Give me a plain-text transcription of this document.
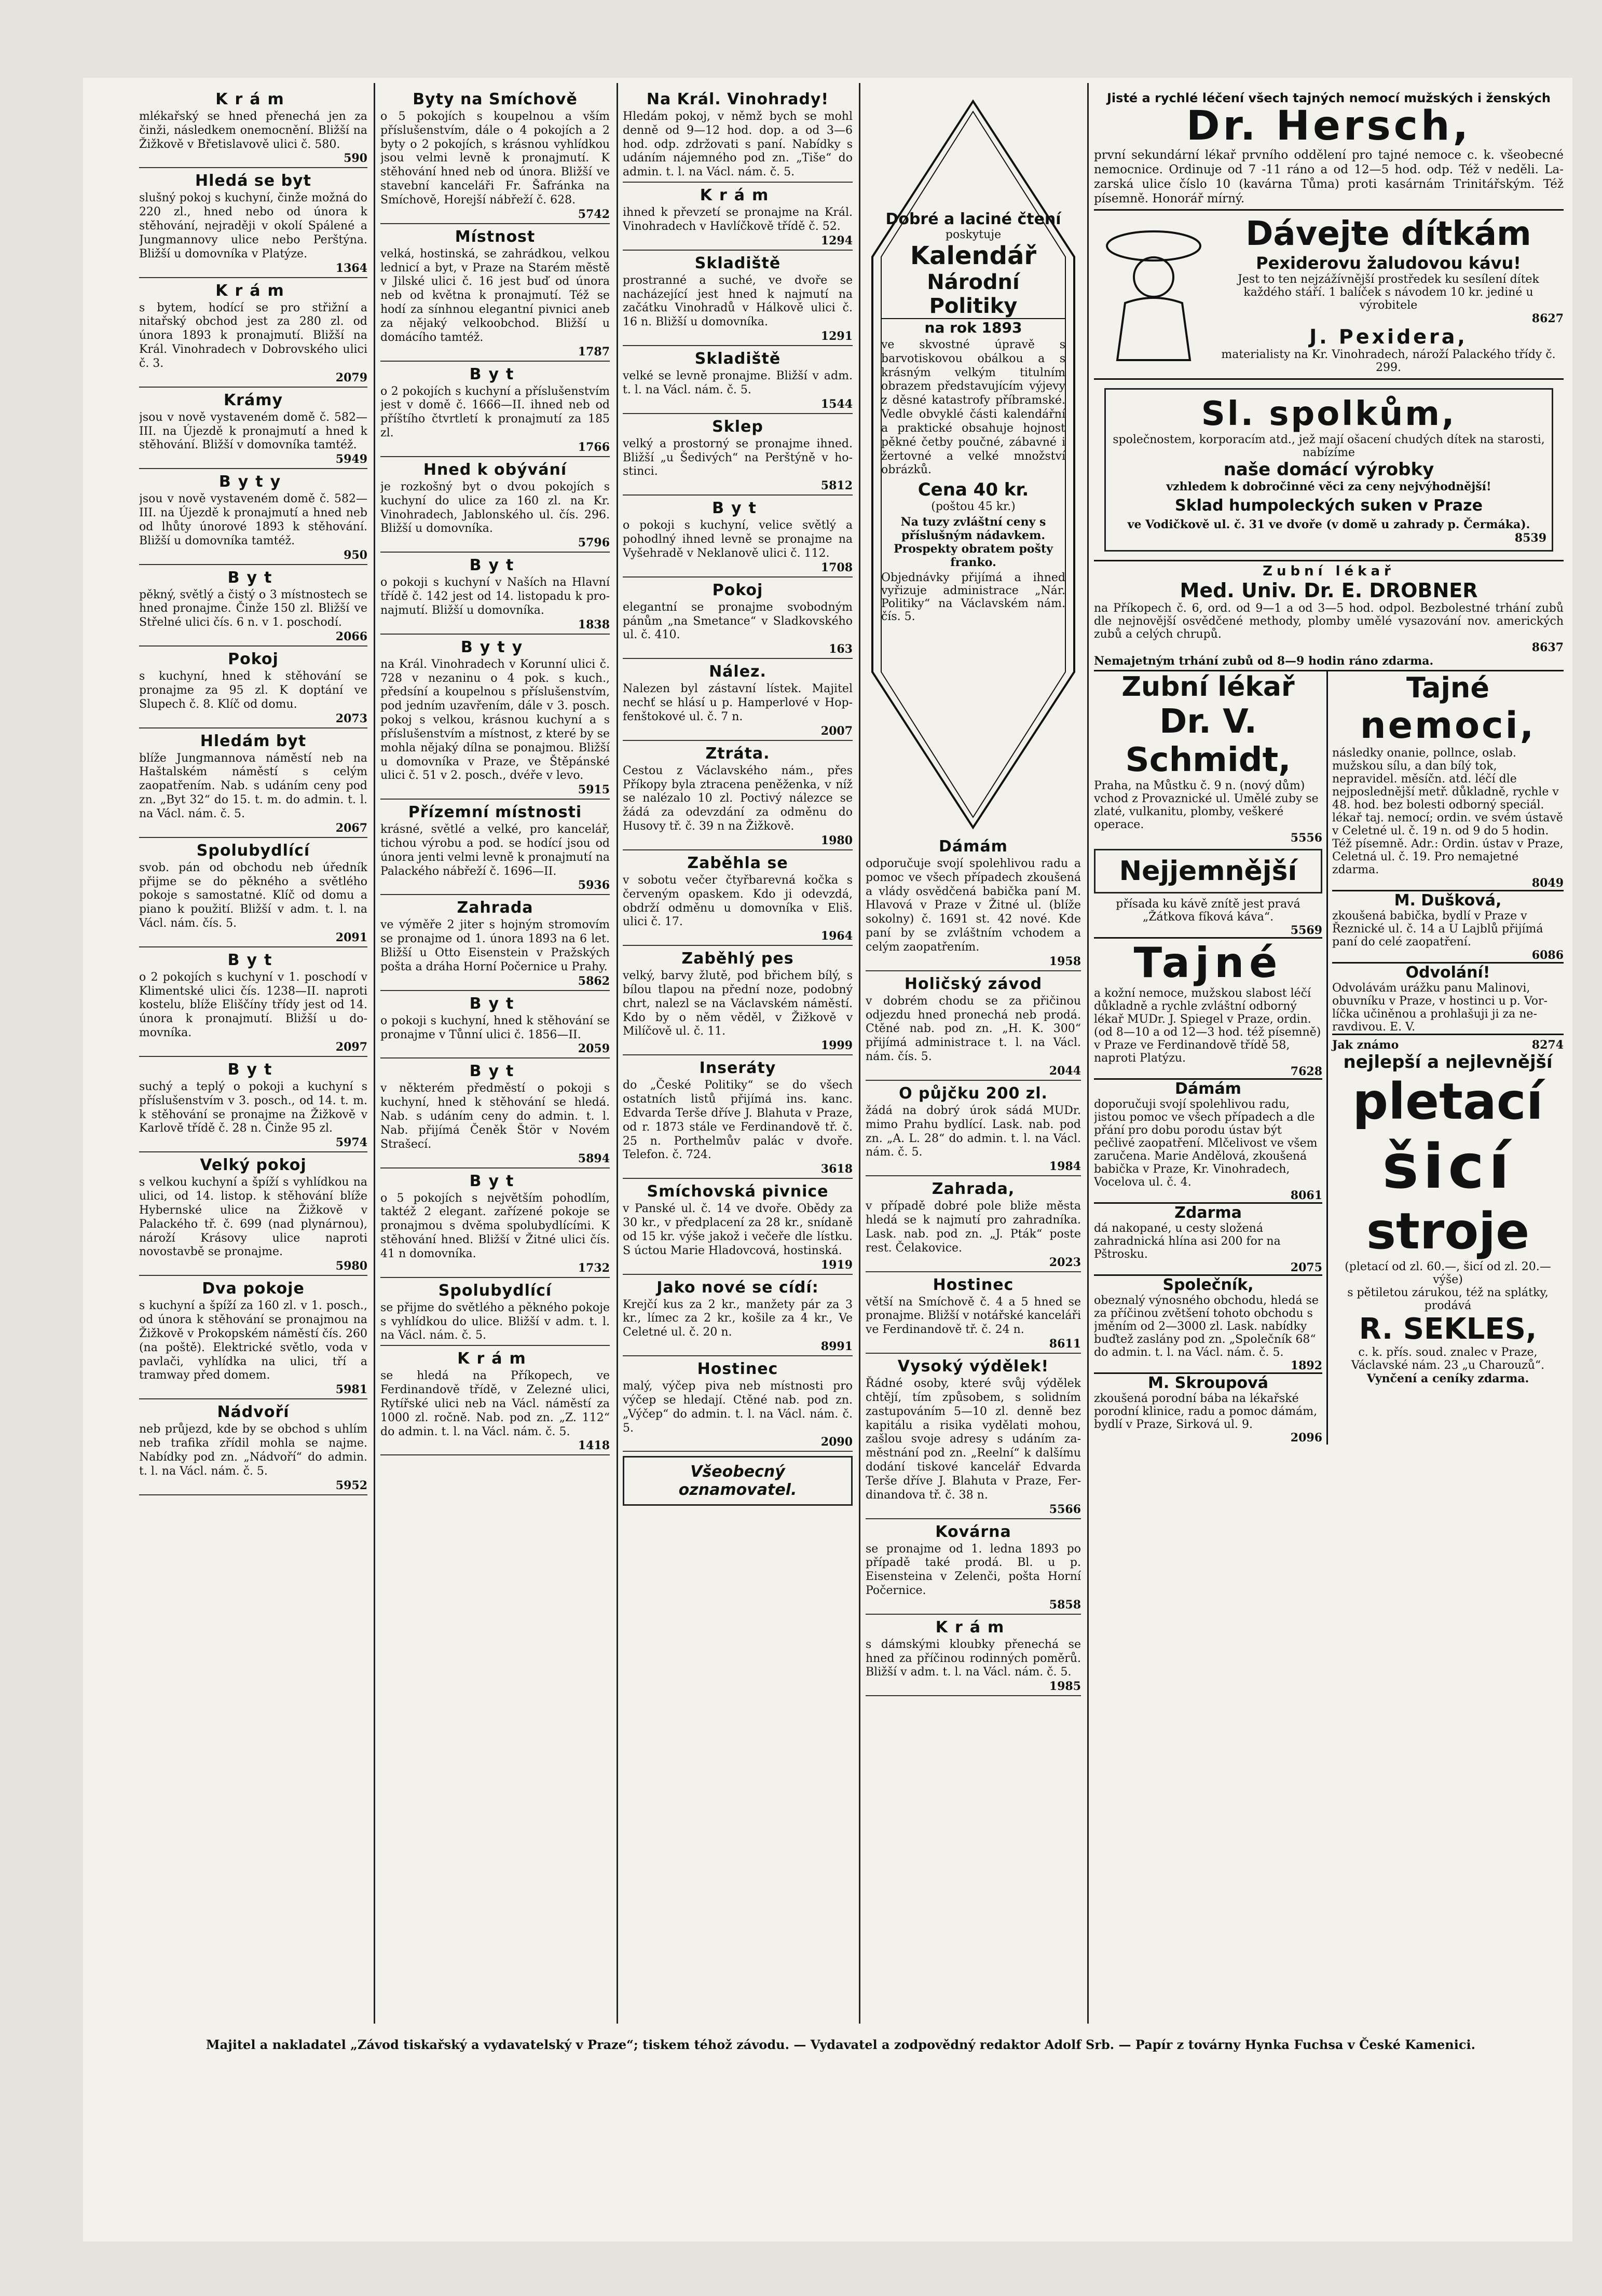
Krám

mlékařský se hned přenechá jen za činži, následkem onemocnění. Bližší na Žižkově v Břetislavově ulici č. 580.

590
Hledá se byt

slušný pokoj s kuchyní, činže možná do 220 zl., hned nebo od února k stěhování, nejraději v okolí Spálené a Jungmannovy ulice nebo Perštýna. Bližší u domovníka v Platýze.

1364
Krám

s bytem, hodící se pro střižní a nitařský obchod jest za 280 zl. od února 1893 k pronajmutí. Bližší na Král. Vinohradech v Dobrovského ulici č. 3.

2079
Krámy

jsou v nově vystaveném domě č. 582—III. na Újezdě k pronajmutí a hned k stěhování. Bližší v domovníka tamtéž.

5949
Byty

jsou v nově vystaveném domě č. 582—III. na Újezdě k pronajmutí a hned neb od lhůty únorové 1893 k stěhování. Bližší u domovníka tamtéž.

950
Byt

pěkný, světlý a čistý o 3 místnostech se hned pronajme. Činže 150 zl. Bližší ve Střelné ulici čís. 6 n. v 1. poschodí.

2066
Pokoj

s kuchyní, hned k stěhování se pronajme za 95 zl. K doptání ve Slupech č. 8. Klíč od domu.

2073
Hledám byt

blíže Jungmannova náměstí neb na Haštalském náměstí s celým zaopatřením. Nab. s udáním ceny pod zn. „Byt 32“ do 15. t. m. do admin. t. l. na Václ. nám. č. 5.

2067
Spolubydlící

svob. pán od obchodu neb úředník přijme se do pěkného a světlého pokoje s samostatné. Klíč od domu a piano k použití. Bližší v adm. t. l. na Václ. nám. čís. 5.

2091
Byt

o 2 pokojích s kuchyní v 1. poschodí v Klimentské ulici čís. 1238—II. naproti kostelu, blíže Eliščíny třídy jest od 14. února k pronajmutí. Bližší u domovníka.

2097
Byt

suchý a teplý o pokoji a kuchyní s příslušenstvím v 3. posch., od 14. t. m. k stěhování se pronajme na Žižkově v Karlově třídě č. 28 n. Činže 95 zl.

5974
Velký pokoj

s velkou kuchyní a špíží s vyhlídkou na ulici, od 14. listop. k stěhování blíže Hybernské ulice na Žižkově v Palackého tř. č. 699 (nad plynárnou), nároží Krásovy ulice naproti novostavbě se pronajme.

5980
Dva pokoje

s kuchyní a špíží za 160 zl. v 1. posch., od února k stěhování se pronajmou na Žižkově v Prokopském náměstí čís. 260 (na poště). Elektrické světlo, voda v pavlači, vyhlídka na ulici, tří a tramway před domem.

5981
Nádvoří

neb průjezd, kde by se obchod s uhlím neb trafika zřídil mohla se najme. Nabídky pod zn. „Nádvoří“ do admin. t. l. na Václ. nám. č. 5.

5952
Byty na Smíchově

o 5 pokojích s koupelnou a vším příslušenstvím, dále o 4 pokojích a 2 byty o 2 pokojích, s krásnou vyhlídkou jsou velmi levně k pronajmutí. K stěhování hned neb od února. Bližší ve stavební kanceláři Fr. Šafránka na Smíchově, Horejší nábřeží č. 628.

5742
Místnost

velká, hostinská, se zahrádkou, velkou lednicí a byt, v Praze na Starém městě v Jilské ulici č. 16 jest buď od února neb od května k pronajmutí. Též se hodí za sínhnou elegantní pivnici aneb za nějaký velkoobchod. Bližší u domácího tamtéž.

1787
Byt

o 2 pokojích s kuchyní a příslušenstvím jest v domě č. 1666—II. ihned neb od příštího čtvrtletí k pronajmutí za 185 zl.

1766
Hned k obývání

je rozkošný byt o dvou pokojích s kuchyní do ulice za 160 zl. na Kr. Vinohradech, Jablonského ul. čís. 296. Bližší u domovníka.

5796
Byt

o pokoji s kuchyní v Naších na Hlavní třídě č. 142 jest od 14. listopadu k pronajmutí. Bližší u domovníka.

1838
Byty

na Král. Vinohradech v Korunní ulici č. 728 v nezaninu o 4 pok. s kuch., předsíní a koupelnou s příslušenstvím, pod jedním uzavřením, dále v 3. posch. pokoj s velkou, krásnou kuchyní a s příslušenstvím a místnost, z které by se mohla nějaký dílna se ponajmou. Bližší u domovníka v Praze, ve Štěpánské ulici č. 51 v 2. posch., dvéře v levo.

5915
Přízemní místnosti

krásné, světlé a velké, pro kancelář, tichou výrobu a pod. se hodící jsou od února jenti velmi levně k pronajmutí na Palackého nábřeží č. 1696—II.

5936
Zahrada

ve výměře 2 jiter s hojným stromovím se pronajme od 1. února 1893 na 6 let. Bližší u Otto Eisenstein v Pražských pošta a dráha Horní Počernice u Prahy.

5862
Byt

o pokoji s kuchyní, hned k stěhování se pronajme v Tůnní ulici č. 1856—II.

2059
Byt

v některém předměstí o pokoji s kuchyní, hned k stěhování se hledá. Nab. s udáním ceny do admin. t. l. Nab. přijímá Čeněk Štör v Novém Strašecí.

5894
Byt

o 5 pokojích s největším pohodlím, taktéž 2 elegant. zařízené pokoje se pronajmou s dvěma spolubydlícími. K stěhování hned. Bližší v Žitné ulici čís. 41 n domovníka.

1732
Spolubydlící

se přijme do světlého a pěkného pokoje s vyhlídkou do ulice. Bližší v adm. t. l. na Václ. nám. č. 5.

Krám

se hledá na Příkopech, ve Ferdinandově třídě, v Zelezné ulici, Rytířské ulici neb na Václ. náměstí za 1000 zl. ročně. Nab. pod zn. „Z. 112“ do admin. t. l. na Václ. nám. č. 5.

1418
Na Král. Vinohrady!

Hledám pokoj, v němž bych se mohl denně od 9—12 hod. dop. a od 3—6 hod. odp. zdržovati s paní. Nabídky s udáním nájemného pod zn. „Tiše“ do admin. t. l. na Václ. nám. č. 5.

Krám

ihned k převzetí se pronajme na Král. Vinohradech v Havlíčkově třídě č. 52.

1294
Skladiště

prostranné a suché, ve dvoře se nacházející jest hned k najmutí na začátku Vinohradů v Hálkově ulici č. 16 n. Bližší u domovníka.

1291
Skladiště

velké se levně pronajme. Bližší v adm. t. l. na Václ. nám. č. 5.

1544
Sklep

velký a prostorný se pronajme ihned. Bližší „u Šedivých“ na Perštýně v hostinci.

5812
Byt

o pokoji s kuchyní, velice světlý a pohodlný ihned levně se pronajme na Vyšehradě v Neklanově ulici č. 112.

1708
Pokoj

elegantní se pronajme svobodným pánům „na Smetance“ v Sladkovského ul. č. 410.

163
Nález.

Nalezen byl zástavní lístek. Majitel nechť se hlásí u p. Hamperlové v Hopfenštokové ul. č. 7 n.

2007
Ztráta.

Cestou z Václavského nám., přes Příkopy byla ztracena peněženka, v níž se nalézalo 10 zl. Poctivý nálezce se žádá za odevzdání za odměnu do Husovy tř. č. 39 n na Žižkově.

1980
Zaběhla se

v sobotu večer čtyřbarevná kočka s červeným opaskem. Kdo ji odevzdá, obdrží odměnu u domovníka v Eliš. ulici č. 17.

1964
Zaběhlý pes

velký, barvy žlutě, pod břichem bílý, s bílou tlapou na přední noze, podobný chrt, nalezl se na Václavském náměstí. Kdo by o něm věděl, v Žižkově v Milíčově ul. č. 11.

1999
Inseráty

do „České Politiky“ se do všech ostatních listů přijímá ins. kanc. Edvarda Terše dříve J. Blahuta v Praze, od r. 1873 stále ve Ferdinandově tř. č. 25 n. Porthelmův palác v dvoře. Telefon. č. 724.

3618
Smíchovská pivnice

v Panské ul. č. 14 ve dvoře. Obědy za 30 kr., v předplacení za 28 kr., snídaně od 15 kr. výše jakož i večeře dle lístku. S úctou Marie Hladovcová, hostinská.

1919
Jako nové se cídí:

Krejčí kus za 2 kr., manžety pár za 3 kr., límec za 2 kr., košile za 4 kr., Ve Celetné ul. č. 20 n.

8991
Hostinec

malý, výčep piva neb místnosti pro výčep se hledají. Ctěné nab. pod zn. „Výčep“ do admin. t. l. na Václ. nám. č. 5.

2090
Všeobecný
oznamovatel.
Dobré a laciné čtení
poskytuje
Kalendář
Národní Politiky
na rok 1893

ve skvostné úpravě s barvotiskovou obálkou a s krásným velkým titulním obrazem představujícím výjevy z děsné katastrofy příbramské. Vedle obvyklé části kalendářní a praktické obsahuje hojnost pěkné četby poučné, zábavné i žertovné a velké množství obrázků.

Cena 40 kr.
(poštou 45 kr.)

Na tuzy zvláštní ceny s příslušným nádavkem. Prospekty obratem pošty franko.

Objednávky přijímá a ihned vyřizuje administrace „Nár. Politiky“ na Václavském nám. čís. 5.

Dámám

odporučuje svojí spolehlivou radu a pomoc ve všech případech zkoušená a vlády osvědčená babička paní M. Hlavová v Praze v Žitné ul. (blíže sokolny) č. 1691 st. 42 nové. Kde paní by se zvláštním vchodem a celým zaopatřením.

1958
Holičský závod

v dobrém chodu se za přičinou odjezdu hned pronechá neb prodá. Ctěné nab. pod zn. „H. K. 300“ přijímá administrace t. l. na Václ. nám. čís. 5.

2044
O půjčku 200 zl.

žádá na dobrý úrok sádá MUDr. mimo Prahu bydlící. Lask. nab. pod zn. „A. L. 28“ do admin. t. l. na Václ. nám. č. 5.

1984
Zahrada,

v případě dobré pole bliže města hledá se k najmutí pro zahradníka. Lask. nab. pod zn. „J. Pták“ poste rest. Čelakovice.

2023
Hostinec

větší na Smíchově č. 4 a 5 hned se pronajme. Bližší v notářské kanceláři ve Ferdinandově tř. č. 24 n.

8611
Vysoký výdělek!

Řádné osoby, které svůj výdělek chtějí, tím způsobem, s solidním zastupováním 5—10 zl. denně bez kapitálu a risika vydělati mohou, zašlou svoje adresy s udáním zaměstnání pod zn. „Reelní“ k dalšímu dodání tiskové kancelář Edvarda Terše dříve J. Blahuta v Praze, Ferdinandova tř. č. 38 n.

5566
Kovárna

se pronajme od 1. ledna 1893 po případě také prodá. Bl. u p. Eisensteina v Zelenči, pošta Horní Počernice.

5858
Krám

s dámskými kloubky přenechá se hned za příčinou rodinných poměrů. Bližší v adm. t. l. na Václ. nám. č. 5.

1985
Jisté a rychlé léčení všech tajných nemocí mužských i ženských
Dr. Hersch,

první sekundární lékař prvního oddělení pro tajné nemoce c. k. všeobecné nemocnice. Ordinuje od 7 -11 ráno a od 12—5 hod. odp. Též v neděli. Lazarská ulice číslo 10 (kavárna Tůma) proti kasárnám Trinitářským. Též písemně. Honorář mírný.

Dávejte dítkám
Pexiderovu žaludovou kávu!

Jest to ten nejzážívnější prostředek ku sesílení dítek každého stáří. 1 balíček s návodem 10 kr. jediné u výrobitele

8627
J. Pexidera,

materialisty na Kr. Vinohradech, nároží Palackého třídy č. 299.

Sl. spolkům,

společnostem, korporacím atd., jež mají ošacení chudých dítek na starosti, nabízíme

naše domácí výrobky

vzhledem k dobročinné věci za ceny nejvýhodnější!

Sklad humpoleckých suken v Praze

ve Vodičkově ul. č. 31 ve dvoře (v domě u zahrady p. Čermáka).

8539
Zubní lékař
Med. Univ. Dr. E. DROBNER

na Příkopech č. 6, ord. od 9—1 a od 3—5 hod. odpol. Bezbolestné trhání zubů dle nejnovější osvědčené methody, plomby umělé vysazování nov. amerických zubů a celých chrupů.

8637

Nemajetným trhání zubů od 8—9 hodin ráno zdarma.

Zubní lékař
Dr. V. Schmidt,

Praha, na Můstku č. 9 n. (nový dům) vchod z Provaznické ul. Umělé zuby se zlaté, vulkanitu, plomby, veškeré operace.

5556
Nejjemnější

přísada ku kávě znítě jest pravá „Žátkova fíková káva“.

5569
Tajné

a kožní nemoce, mužskou slabost léčí důkladně a rychle zvláštní odborný lékař MUDr. J. Spiegel v Praze, ordin. (od 8—10 a od 12—3 hod. též písemně) v Praze ve Ferdinandově třídě 58, naproti Platýzu.

7628
Dámám

doporučuji svojí spolehlivou radu, jistou pomoc ve všech případech a dle přání pro dobu porodu ústav být pečlivé zaopatření. Mlčelivost ve všem zaručena. Marie Andělová, zkoušená babička v Praze, Kr. Vinohradech, Vocelova ul. č. 4.

8061
Zdarma

dá nakopané, u cesty složená zahradnická hlína asi 200 for na Pštrosku.

2075
Společník,

obeznalý výnosného obchodu, hledá se za příčinou zvětšení tohoto obchodu s jměním od 2—3000 zl. Lask. nabídky buďtež zaslány pod zn. „Společník 68“ do admin. t. l. na Václ. nám. č. 5.

1892
M. Skroupová

zkoušená porodní bába na lékařské porodní klinice, radu a pomoc dámám, bydlí v Praze, Sirková ul. 9.

2096
Tajné
nemoci,

následky onanie, pollnce, oslab. mužskou sílu, a dan bílý tok, nepravidel. měsíčn. atd. léčí dle nejposlednější metř. důkladně, rychle v 48. hod. bez bolesti odborný speciál. lékař taj. nemocí; ordin. ve svém ústavě v Celetné ul. č. 19 n. od 9 do 5 hodin. Též písemně. Adr.: Ordin. ústav v Praze, Celetná ul. č. 19. Pro nemajetné zdarma.

8049
M. Dušková,

zkoušená babička, bydlí v Praze v Řeznické ul. č. 14 a U Lajblů přijímá paní do celé zaopatření.

6086
Odvolání!

Odvolávám urážku panu Malinovi, obuvníku v Praze, v hostinci u p. Vorlíčka učiněnou a prohlašuji ji za neravdivou. E. V.

Jak známo	8274
nejlepší a nejlevnější
pletací
šicí
stroje

(pletací od zl. 60.—, šicí od zl. 20.— výše)

s pětiletou zárukou, též na splátky, prodává

R. SEKLES,

c. k. přís. soud. znalec v Praze, Václavské nám. 23 „u Charouzů“.

Vynčení a ceníky zdarma.

Majitel a nakladatel „Závod tiskařský a vydavatelský v Praze“; tiskem téhož závodu. — Vydavatel a zodpovědný redaktor Adolf Srb. — Papír z továrny Hynka Fuchsa v České Kamenici.
